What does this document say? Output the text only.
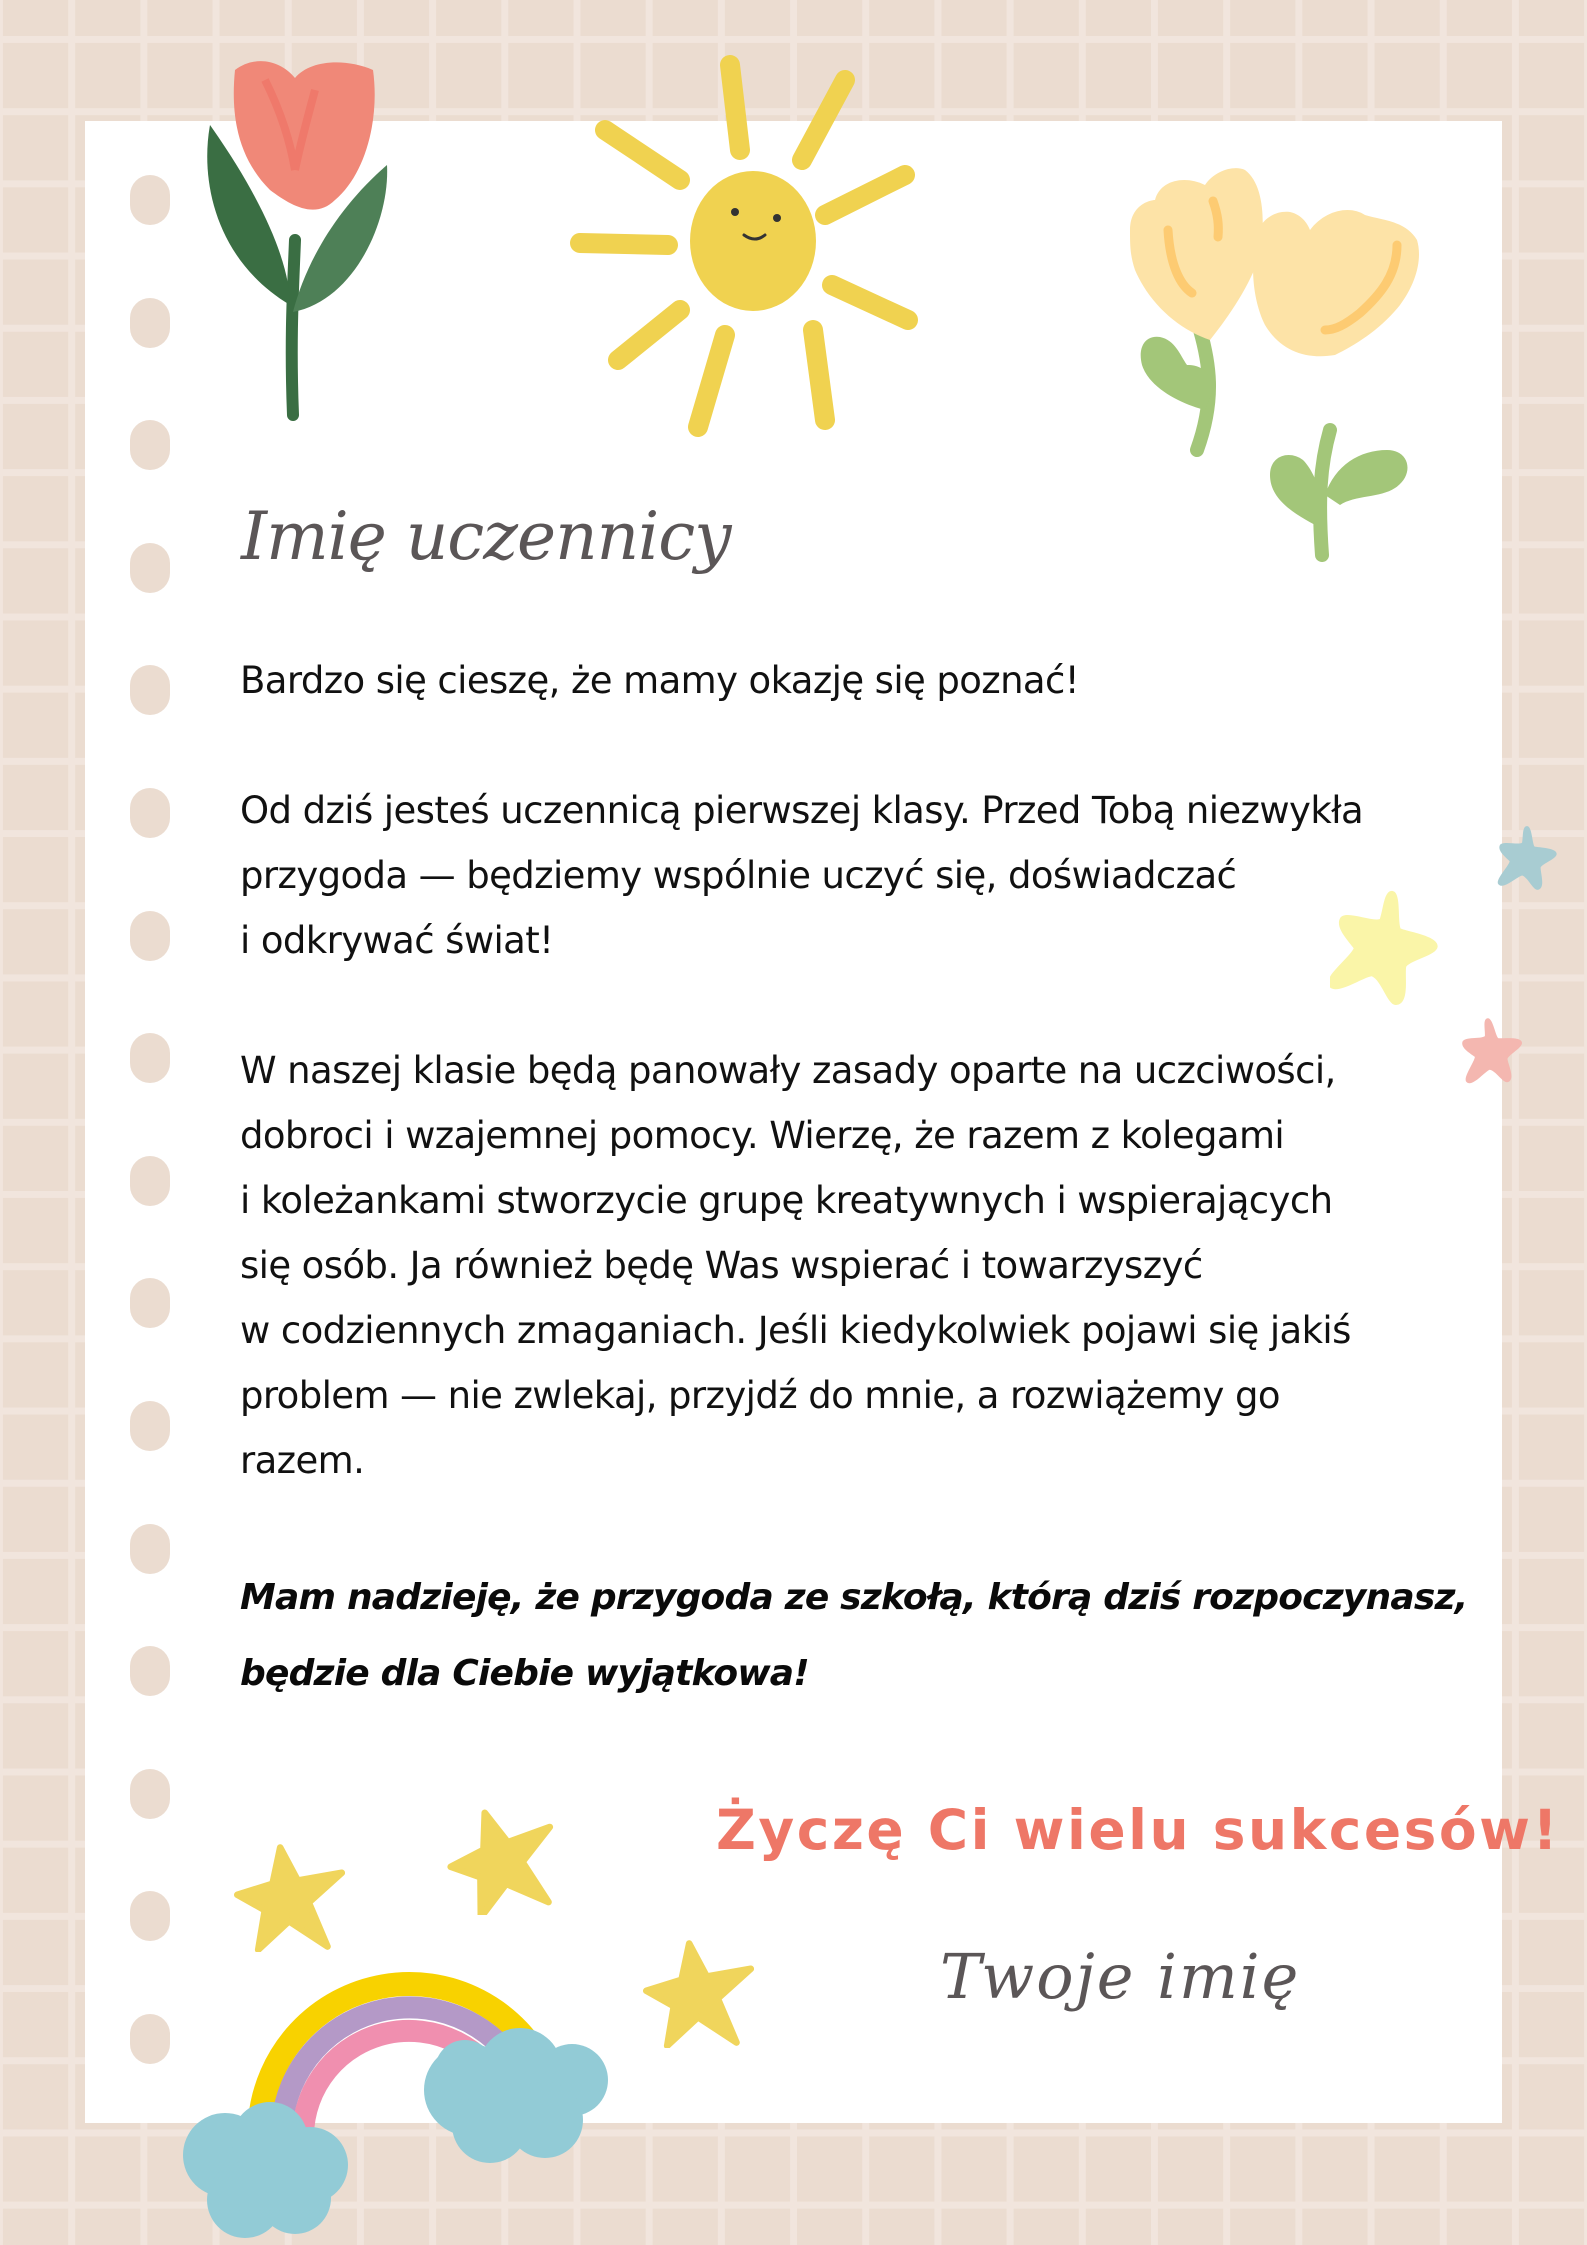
Imię uczennicy

Bardzo się cieszę, że mamy okazję się poznać!

Od dziś jesteś uczennicą pierwszej klasy. Przed Tobą niezwykła

przygoda — będziemy wspólnie uczyć się, doświadczać

i odkrywać świat!

W naszej klasie będą panowały zasady oparte na uczciwości,

dobroci i wzajemnej pomocy. Wierzę, że razem z kolegami

i koleżankami stworzycie grupę kreatywnych i wspierających

się osób. Ja również będę Was wspierać i towarzyszyć

w codziennych zmaganiach. Jeśli kiedykolwiek pojawi się jakiś

problem — nie zwlekaj, przyjdź do mnie, a rozwiążemy go

razem.

Mam nadzieję, że przygoda ze szkołą, którą dziś rozpoczynasz,

będzie dla Ciebie wyjątkowa!

Życzę Ci wielu sukcesów!
Twoje imię
